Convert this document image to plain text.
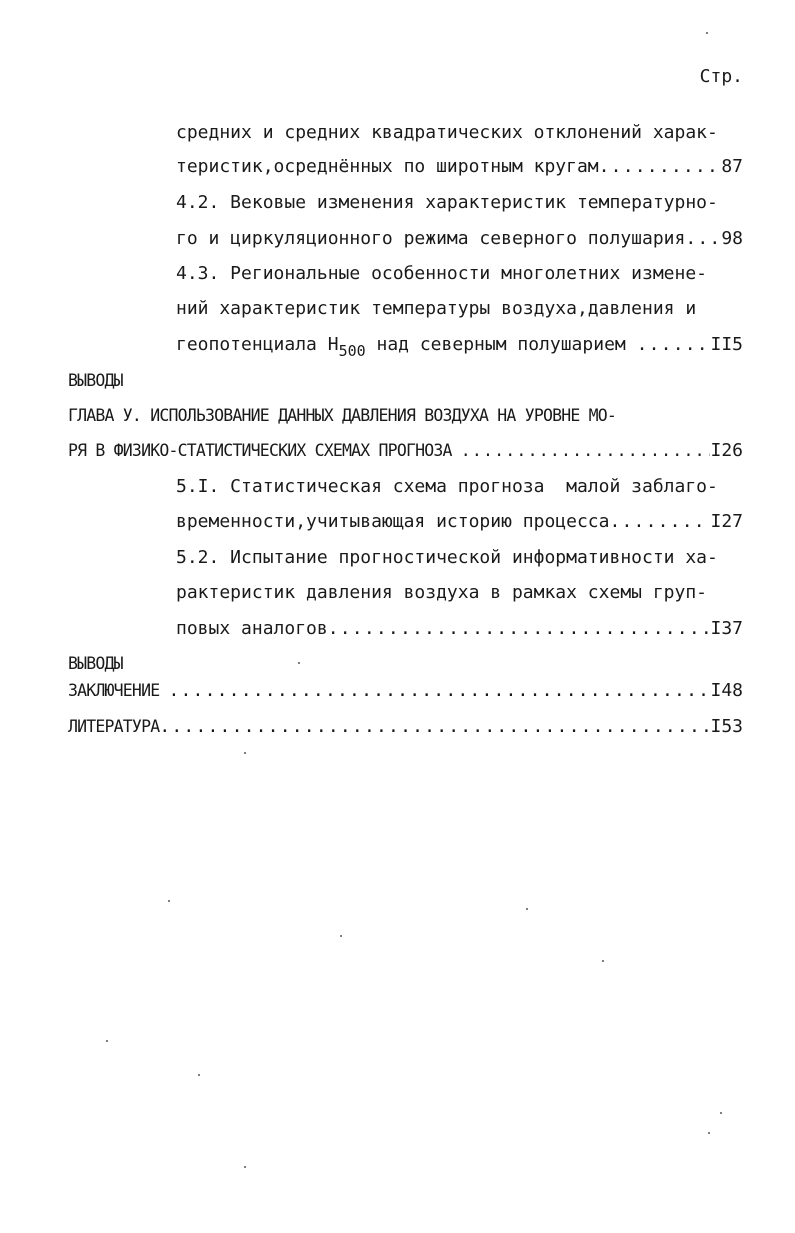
Стр.
средних и средних квадратических отклонений харак-
теристик,осреднённых по широтным кругам .....	87
4.2. Вековые изменения характеристик температурно-
го и циркуляционного режима северного полушария ..... 98
4.3. Региональные особенности многолетних измене-
ний характеристик температуры воздуха,давления и
геопотенциала $Н_{500}$ над северным полушарием .....	II5
ВЫВОДЫ
ГЛАВА У. ИСПОЛЬЗОВАНИЕ ДАННЫХ ДАВЛЕНИЯ ВОЗДУХА НА УРОВНЕ МО-
РЯ В ФИЗИКО-СТАТИСТИЧЕСКИХ СХЕМАХ ПРОГНОЗА .....	I26
5.I. Статистическая схема прогноза  малой заблаго-
временности,учитывающая историю процесса .....	I27
5.2. Испытание прогностической информативности ха-
рактеристик давления воздуха в рамках схемы груп-
повых аналогов .....	I37
ВЫВОДЫ
ЗАКЛЮЧЕНИЕ .....	I48
ЛИТЕРАТУРА .....	I53
